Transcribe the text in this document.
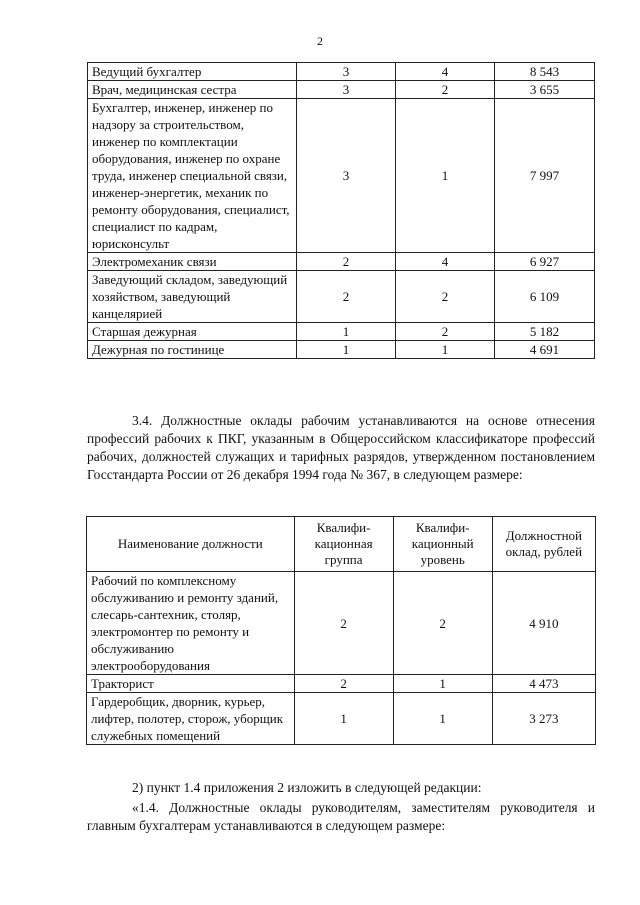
2
Ведущий бухгалтер	3	4	8 543
Врач, медицинская сестра	3	2	3 655
Бухгалтер, инженер, инженер по надзору за строительством, инженер по комплектации оборудования, инженер по охране труда, инженер специальной связи, инженер-энергетик, механик по ремонту оборудования, специалист, специалист по кадрам, юрисконсульт	3	1	7 997
Электромеханик связи	2	4	6 927
Заведующий складом, заведующий хозяйством, заведующий канцелярией	2	2	6 109
Старшая дежурная	1	2	5 182
Дежурная по гостинице	1	1	4 691
3.4. Должностные оклады рабочим устанавливаются на основе отнесения профессий рабочих к ПКГ, указанным в Общероссийском классификаторе профессий рабочих, должностей служащих и тарифных разрядов, утвержденном постановлением Госстандарта России от 26 декабря 1994 года № 367, в следующем размере:
Наименование должности	Квалифи-кационная группа	Квалифи-кационный уровень	Должностной оклад, рублей
Рабочий по комплексному обслуживанию и ремонту зданий, слесарь-сантехник, столяр, электромонтер по ремонту и обслуживанию электрооборудования	2	2	4 910
Тракторист	2	1	4 473
Гардеробщик, дворник, курьер, лифтер, полотер, сторож, уборщик служебных помещений	1	1	3 273
2) пункт 1.4 приложения 2 изложить в следующей редакции:
«1.4. Должностные оклады руководителям, заместителям руководителя и главным бухгалтерам устанавливаются в следующем размере:
